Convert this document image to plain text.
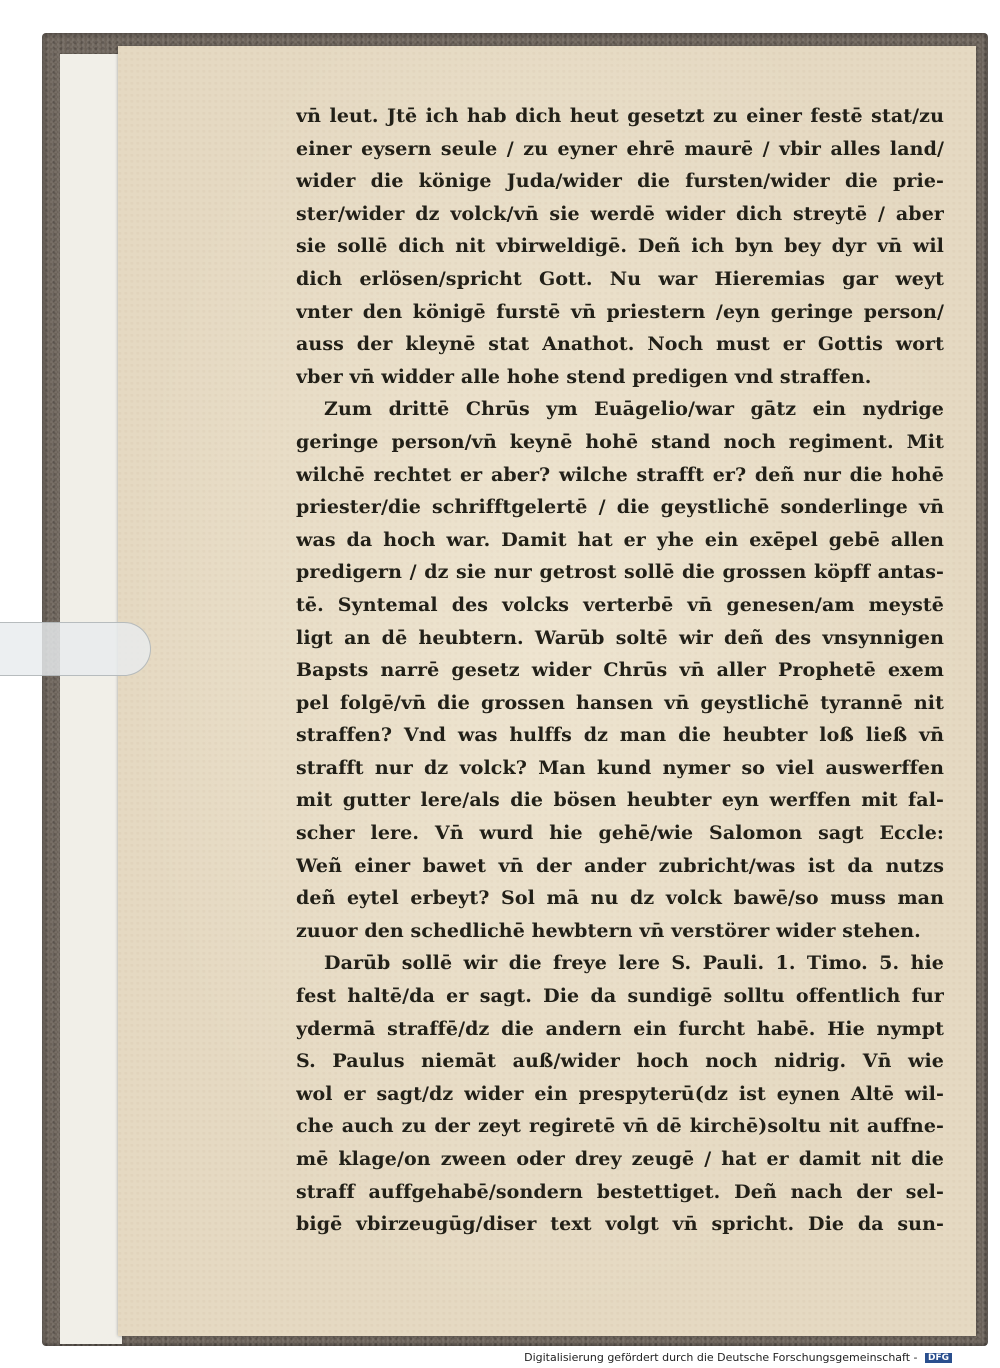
vn̄ leut. Jtē ich hab dich heut gesetzt zu einer festē stat/zu
einer eysern seule / zu eyner ehrē maurē / vbir alles land/
wider die könige Juda/wider die fursten/wider die prie-
ster/wider dz volck/vn̄ sie werdē wider dich streytē / aber
sie sollē dich nit vbirweldigē. Deñ ich byn bey dyr vn̄ wil
dich erlösen/spricht Gott. Nu war Hieremias gar weyt
vnter den königē furstē vn̄ priestern /eyn geringe person/
auss der kleynē stat Anathot. Noch must er Gottis wort
vber vn̄ widder alle hohe stend predigen vnd straffen.
Zum drittē Chrūs ym Euāgelio/war gātz ein nydrige
geringe person/vn̄ keynē hohē stand noch regiment. Mit
wilchē rechtet er aber? wilche strafft er? deñ nur die hohē
priester/die schrifftgelertē / die geystlichē sonderlinge vn̄
was da hoch war. Damit hat er yhe ein exēpel gebē allen
predigern / dz sie nur getrost sollē die grossen köpff antas-
tē. Syntemal des volcks verterbē vn̄ genesen/am meystē
ligt an dē heubtern. Warūb soltē wir deñ des vnsynnigen
Bapsts narrē gesetz wider Chrūs vn̄ aller Prophetē exem
pel folgē/vn̄ die grossen hansen vn̄ geystlichē tyrannē nit
straffen? Vnd was hulffs dz man die heubter loß ließ vn̄
strafft nur dz volck? Man kund nymer so viel auswerffen
mit gutter lere/als die bösen heubter eyn werffen mit fal-
scher lere. Vn̄ wurd hie gehē/wie Salomon sagt Eccle:
Weñ einer bawet vn̄ der ander zubricht/was ist da nutzs
deñ eytel erbeyt? Sol mā nu dz volck bawē/so muss man
zuuor den schedlichē hewbtern vn̄ verstörer wider stehen.
Darūb sollē wir die freye lere S. Pauli. 1. Timo. 5. hie
fest haltē/da er sagt. Die da sundigē solltu offentlich fur
ydermā straffē/dz die andern ein furcht habē. Hie nympt
S. Paulus niemāt auß/wider hoch noch nidrig. Vn̄ wie
wol er sagt/dz wider ein prespyterū(dz ist eynen Altē wil-
che auch zu der zeyt regiretē vn̄ dē kirchē)soltu nit auffne-
mē klage/on zween oder drey zeugē / hat er damit nit die
straff auffgehabē/sondern bestettiget. Deñ nach der sel-
bigē vbirzeugūg/diser text volgt vn̄ spricht. Die da sun-
Digitalisierung gefördert durch die Deutsche Forschungsgemeinschaft - DFG
